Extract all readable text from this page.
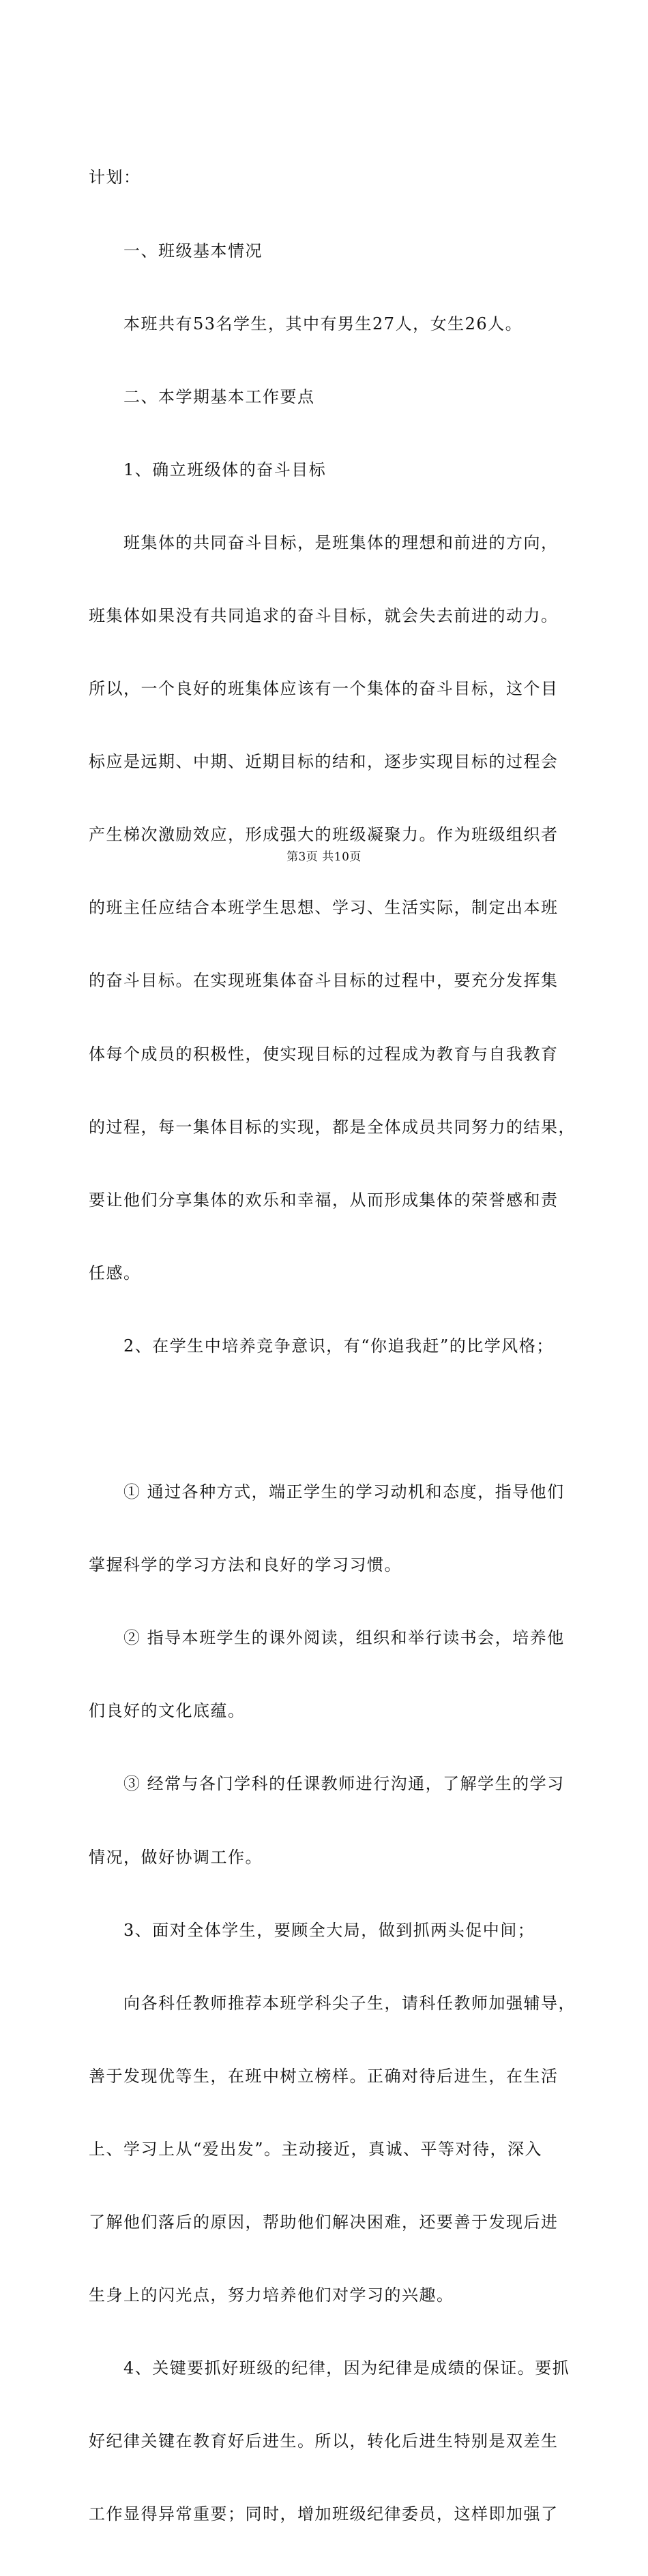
计划：

　　一、班级基本情况

　　本班共有53名学生，其中有男生27人，女生26人。

　　二、本学期基本工作要点

　　1、确立班级体的奋斗目标

　　班集体的共同奋斗目标，是班集体的理想和前进的方向，

班集体如果没有共同追求的奋斗目标，就会失去前进的动力。

所以，一个良好的班集体应该有一个集体的奋斗目标，这个目

标应是远期、中期、近期目标的结和，逐步实现目标的过程会

产生梯次激励效应，形成强大的班级凝聚力。作为班级组织者

的班主任应结合本班学生思想、学习、生活实际，制定出本班

的奋斗目标。在实现班集体奋斗目标的过程中，要充分发挥集

体每个成员的积极性，使实现目标的过程成为教育与自我教育

的过程，每一集体目标的实现，都是全体成员共同努力的结果，

要让他们分享集体的欢乐和幸福，从而形成集体的荣誉感和责

任感。

　　2、在学生中培养竞争意识，有“你追我赶”的比学风格；

　　① 通过各种方式，端正学生的学习动机和态度，指导他们

掌握科学的学习方法和良好的学习习惯。

　　② 指导本班学生的课外阅读，组织和举行读书会，培养他

们良好的文化底蕴。

　　③ 经常与各门学科的任课教师进行沟通，了解学生的学习

情况，做好协调工作。

　　3、面对全体学生，要顾全大局，做到抓两头促中间；

　　向各科任教师推荐本班学科尖子生，请科任教师加强辅导，

善于发现优等生，在班中树立榜样。正确对待后进生，在生活

上、学习上从“爱出发”。主动接近，真诚、平等对待，深入

了解他们落后的原因，帮助他们解决困难，还要善于发现后进

生身上的闪光点，努力培养他们对学习的兴趣。

　　4、关键要抓好班级的纪律，因为纪律是成绩的保证。要抓

好纪律关键在教育好后进生。所以，转化后进生特别是双差生

工作显得异常重要；同时，增加班级纪律委员，这样即加强了

第3页 共10页
